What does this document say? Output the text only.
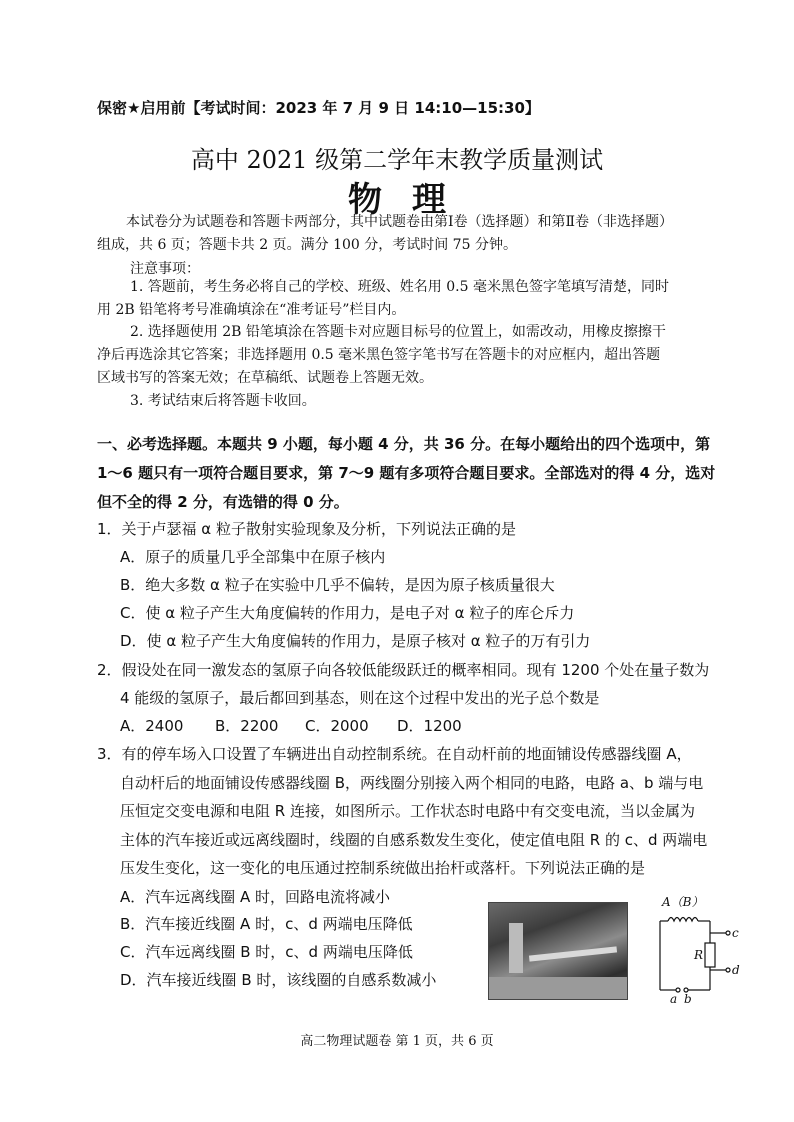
保密★启用前【考试时间：2023 年 7 月 9 日 14:10—15:30】
高中 2021 级第二学年末教学质量测试
物理
本试卷分为试题卷和答题卡两部分，其中试题卷由第Ⅰ卷（选择题）和第Ⅱ卷（非选择题）
组成，共 6 页；答题卡共 2 页。满分 100 分，考试时间 75 分钟。
注意事项：
1. 答题前，考生务必将自己的学校、班级、姓名用 0.5 毫米黑色签字笔填写清楚，同时
用 2B 铅笔将考号准确填涂在“准考证号”栏目内。
2. 选择题使用 2B 铅笔填涂在答题卡对应题目标号的位置上，如需改动，用橡皮擦擦干
净后再选涂其它答案；非选择题用 0.5 毫米黑色签字笔书写在答题卡的对应框内，超出答题
区域书写的答案无效；在草稿纸、试题卷上答题无效。
3. 考试结束后将答题卡收回。
一、必考选择题。本题共 9 小题，每小题 4 分，共 36 分。在每小题给出的四个选项中，第
1～6 题只有一项符合题目要求，第 7～9 题有多项符合题目要求。全部选对的得 4 分，选对
但不全的得 2 分，有选错的得 0 分。
1．关于卢瑟福 α 粒子散射实验现象及分析，下列说法正确的是
A．原子的质量几乎全部集中在原子核内
B．绝大多数 α 粒子在实验中几乎不偏转，是因为原子核质量很大
C．使 α 粒子产生大角度偏转的作用力，是电子对 α 粒子的库仑斥力
D．使 α 粒子产生大角度偏转的作用力，是原子核对 α 粒子的万有引力
2．假设处在同一激发态的氢原子向各较低能级跃迁的概率相同。现有 1200 个处在量子数为
4 能级的氢原子，最后都回到基态，则在这个过程中发出的光子总个数是
A．2400 B．2200 C．2000 D．1200
3．有的停车场入口设置了车辆进出自动控制系统。在自动杆前的地面铺设传感器线圈 A，
自动杆后的地面铺设传感器线圈 B，两线圈分别接入两个相同的电路，电路 a、b 端与电
压恒定交变电源和电阻 R 连接，如图所示。工作状态时电路中有交变电流，当以金属为
主体的汽车接近或远离线圈时，线圈的自感系数发生变化，使定值电阻 R 的 c、d 两端电
压发生变化，这一变化的电压通过控制系统做出抬杆或落杆。下列说法正确的是
A．汽车远离线圈 A 时，回路电流将减小
B．汽车接近线圈 A 时，c、d 两端电压降低
C．汽车远离线圈 B 时，c、d 两端电压降低
D．汽车接近线圈 B 时，该线圈的自感系数减小
A（B）
R
c
d
a b
高二物理试题卷 第 1 页，共 6 页
